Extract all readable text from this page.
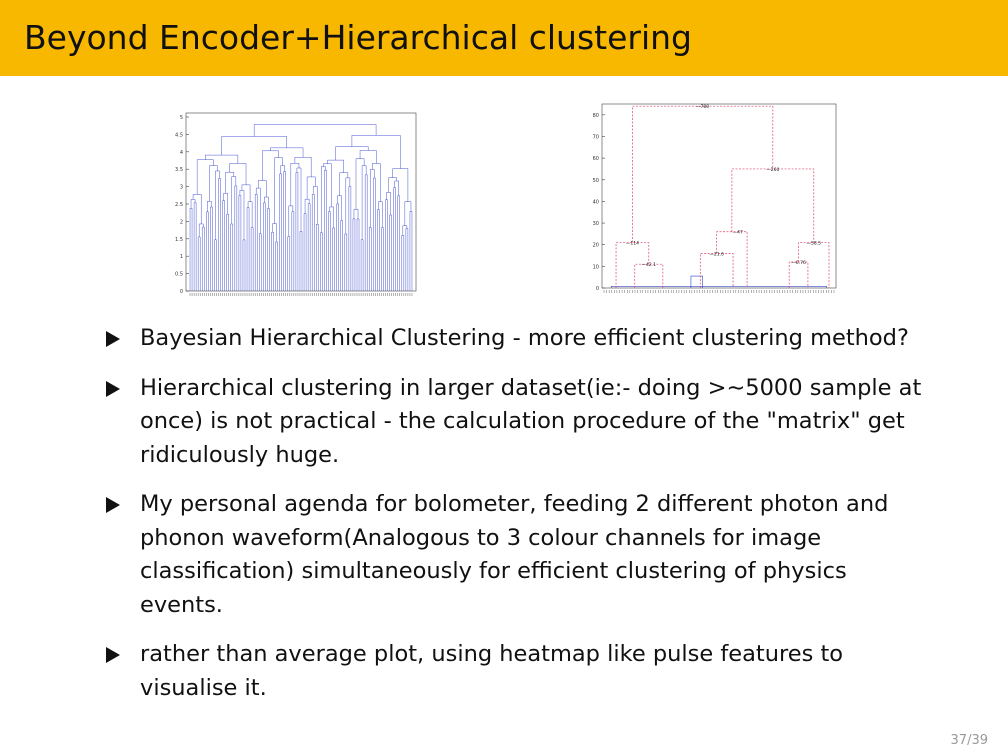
Beyond Encoder+Hierarchical clustering
0
0.5
1
1.5
2
2.5
3
3.5
4
4.5
5
0
10
20
30
40
50
60
70
80
—42.1
—114
—21.6
—6.76
—58.5
—260
—47
—780
Bayesian Hierarchical Clustering - more efficient clustering method?
Hierarchical clustering in larger dataset(ie:- doing >∼5000 sample at once) is not practical - the calculation procedure of the "matrix" get ridiculously huge.
My personal agenda for bolometer, feeding 2 different photon and phonon waveform(Analogous to 3 colour channels for image classification) simultaneously for efficient clustering of physics events.
rather than average plot, using heatmap like pulse features to visualise it.
37/39
